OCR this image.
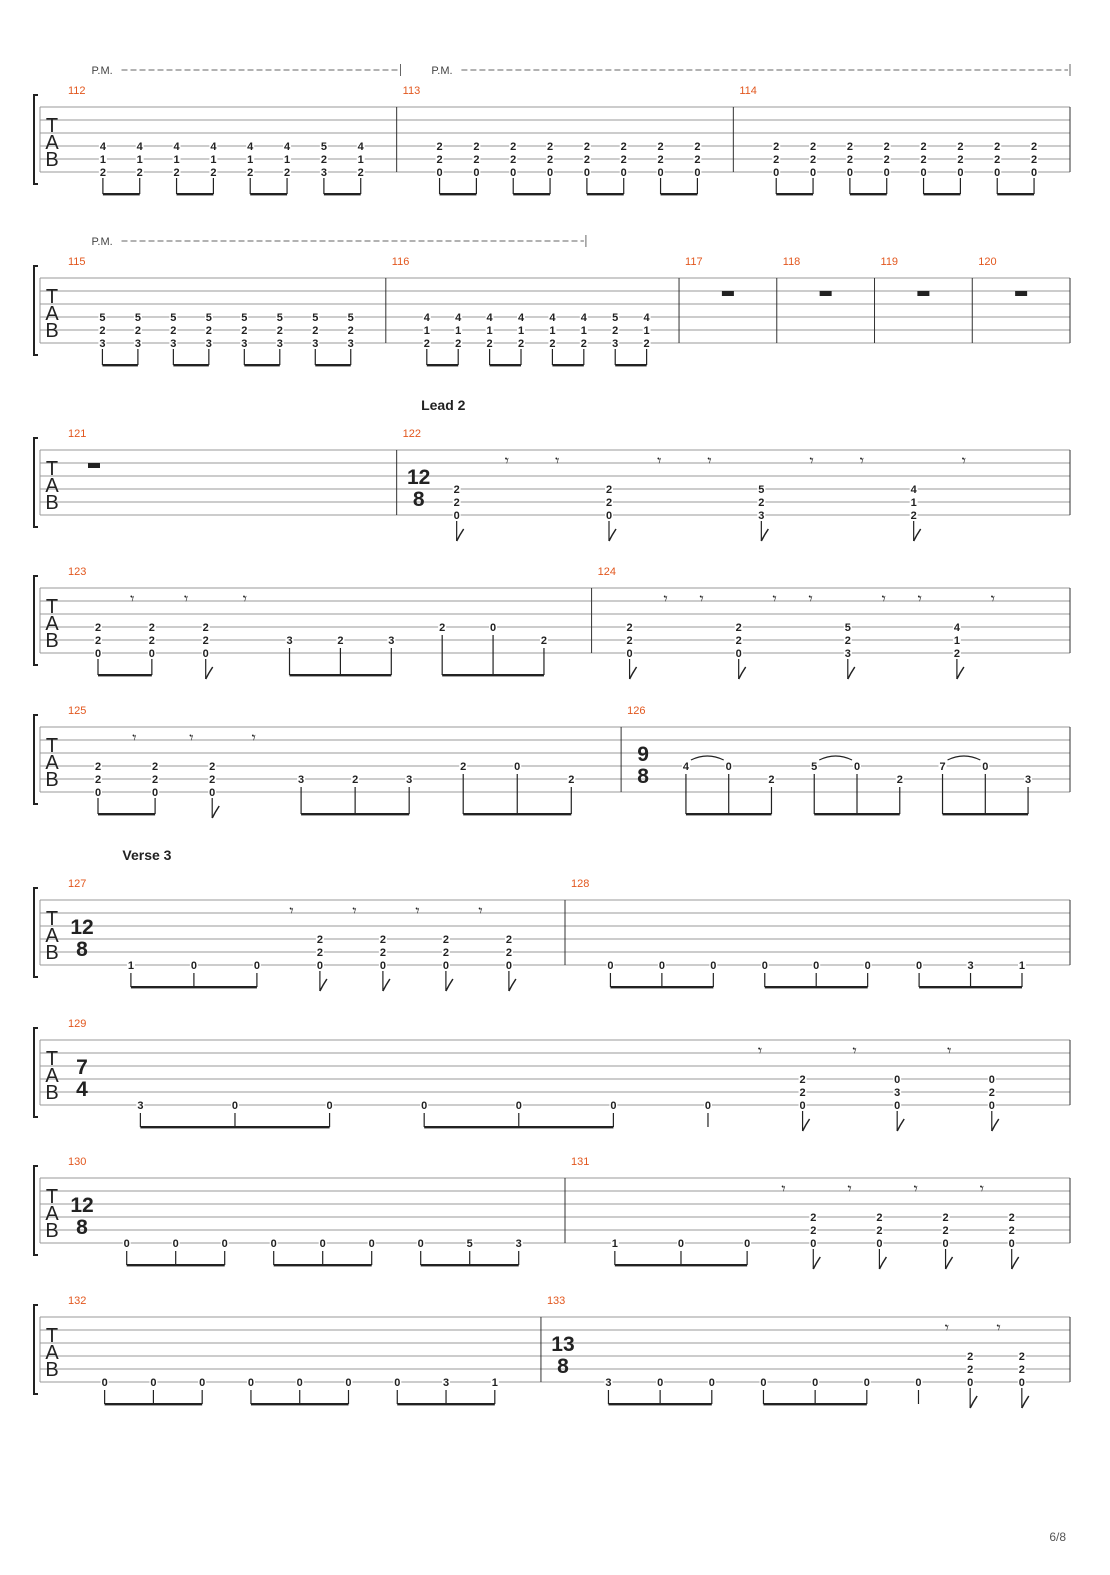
T
A
B
P.M.	P.M.
112
4
1
2
4
1
2
4
1
2
4
1
2
4
1
2
4
1
2
5
2
3
4
1
2
113
2
2
0
2
2
0
2
2
0
2
2
0
2
2
0
2
2
0
2
2
0
2
2
0
114
2
2
0
2
2
0
2
2
0
2
2
0
2
2
0
2
2
0
2
2
0
2
2
0
T
A
B
P.M.
115
5
2
3
5
2
3
5
2
3
5
2
3
5
2
3
5
2
3
5
2
3
5
2
3
116
4
1
2
4
1
2
4
1
2
4
1
2
4
1
2
4
1
2
5
2
3
4
1
2
117	118	119	120
T
A
B
Lead 2
121	122
12
8	2
2
0
𝄾	𝄾
2
2
0
𝄾	𝄾
5
2
3
𝄾	𝄾
4
1
2
𝄾
T
A
B
123
2
2
0
2
2
0
𝄾
2
2
0
𝄾	𝄾
3	2	3
2	0
2
124
2
2
0
𝄾 𝄾
2
2
0
𝄾 𝄾
5
2
3
𝄾 𝄾
4
1
2
𝄾
T
A
B
125
2
2
0
2
2
0
𝄾
2
2
0
𝄾	𝄾
3	2	3
2	0
2
126
9
8	4	0
2
5	0
2
7	0
3
T
A
B
Verse 3
127
12
8
1	0	0
2
2
0
𝄾
2
2
0
𝄾
2
2
0
𝄾
2
2
0
𝄾
128
0	0	0	0	0	0	0	3	1
T
A
B
129
7
4
3	0	0	0	0	0	0
2
2
0
𝄾
0
3
0
𝄾
0
2
0
𝄾
T
A
B
130
12
8
0	0	0	0	0	0	0	5	3
131
1	0	0
2
2
0
𝄾
2
2
0
𝄾
2
2
0
𝄾
2
2
0
𝄾
T
A
B
132
0	0	0	0	0	0	0	3	1
133
13
8
3	0	0	0	0	0	0
2
2
0
𝄾
2
2
0
𝄾
6/8
